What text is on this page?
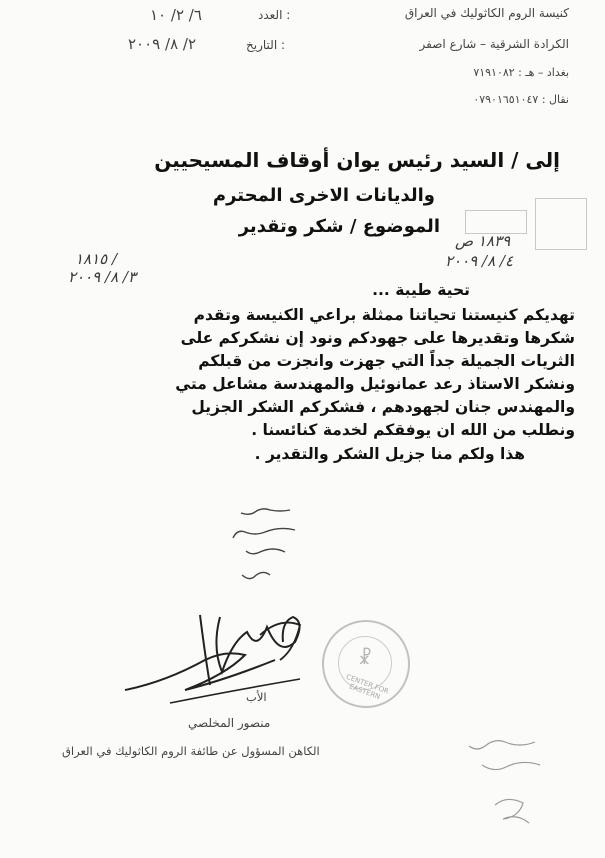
كنيسة الروم الكاثوليك في العراق
الكرادة الشرقية – شارع اصفر
بغداد – هـ : ٧١٩١٠٨٢
نقال : ٠٧٩٠١٦٥١٠٤٧
العدد :
٦/ ٢/ ١٠
التاريخ :
٢/ ٨/ ٢٠٠٩
إلى / السيد رئيس يوان أوقاف المسيحيين
والديانات الاخرى المحترم
الموضوع / شكر وتقدير
١٨٣٩ ص
٤/ ٨/ ٢٠٠٩
١٨١٥ /
٣/ ٨/ ٢٠٠٩
تحية طيبة ...
تهديكم كنيستنا تحياتنا ممثلة براعي الكنيسة وتقدم
شكرها وتقديرها على جهودكم ونود إن نشكركم على
الثريات الجميلة جداً التي جهزت وانجزت من قبلكم
ونشكر الاستاذ رعد عمانوئيل والمهندسة مشاعل متي
والمهندس جنان لجهودهم ، فشكركم الشكر الجزيل
ونطلب من الله ان يوفقكم لخدمة كنائسنا .
هذا ولكم منا جزيل الشكر والتقدير .
CENTER FOR EASTERN
☧
الأب
منصور المخلصي
الكاهن المسؤول عن طائفة الروم الكاثوليك في العراق
